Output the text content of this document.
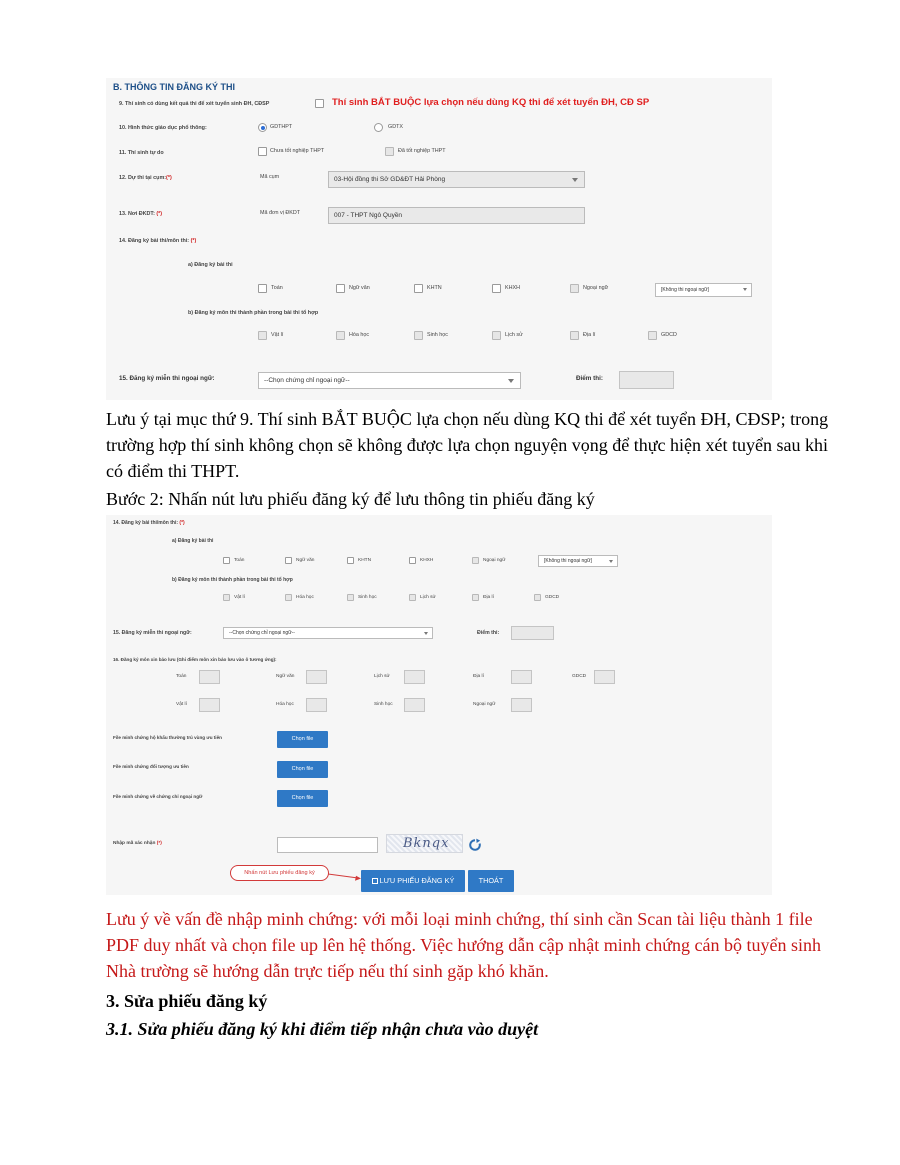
B. THÔNG TIN ĐĂNG KÝ THI
9. Thí sinh có dùng kết quả thi để xét tuyển sinh ĐH, CĐSP	Thí sinh BẮT BUỘC lựa chọn nếu dùng KQ thi để xét tuyển ĐH, CĐ SP
10. Hình thức giáo dục phổ thông:	GDTHPT	GDTX
11. Thí sinh tự do	Chưa tốt nghiệp THPT	Đã tốt nghiệp THPT
12. Dự thi tại cụm:(*)	Mã cụm	03-Hội đồng thi Sở GD&ĐT Hải Phòng
13. Nơi ĐKDT: (*)	Mã đơn vị ĐKDT	007 - THPT Ngô Quyền
14. Đăng ký bài thi/môn thi: (*)
a) Đăng ký bài thi
Toán	Ngữ văn	KHTN	KHXH	Ngoại ngữ	[Không thi ngoại ngữ]
b) Đăng ký môn thi thành phần trong bài thi tổ hợp
Vật lí	Hóa học	Sinh học	Lịch sử	Địa lí	GDCD
15. Đăng ký miễn thi ngoại ngữ:	--Chọn chứng chỉ ngoại ngữ--	Điểm thi:
Lưu ý tại mục thứ 9. Thí sinh BẮT BUỘC lựa chọn nếu dùng KQ thi để xét tuyển ĐH, CĐSP; trong trường hợp thí sinh không chọn sẽ không được lựa chọn nguyện vọng để thực hiện xét tuyển sau khi có điểm thi THPT.
Bước 2: Nhấn nút lưu phiếu đăng ký để lưu thông tin phiếu đăng ký
14. Đăng ký bài thi/môn thi: (*)
a) Đăng ký bài thi
Toán	Ngữ văn	KHTN	KHXH	Ngoại ngữ	[Không thi ngoại ngữ]
b) Đăng ký môn thi thành phần trong bài thi tổ hợp
Vật lí	Hóa học	Sinh học	Lịch sử	Địa lí	GDCD
15. Đăng ký miễn thi ngoại ngữ:	--Chọn chứng chỉ ngoại ngữ--	Điểm thi:
16. Đăng ký môn xin bảo lưu (Ghi điểm môn xin bảo lưu vào ô tương ứng):
Toán	Ngữ văn	Lịch sử	Địa lí	GDCD
Vật lí	Hóa học	Sinh học	Ngoại ngữ
File minh chứng hộ khẩu thường trú vùng ưu tiên	Chọn file
File minh chứng đối tượng ưu tiên	Chọn file
File minh chứng về chứng chỉ ngoại ngữ	Chọn file
Nhập mã xác nhận (*)	Bknqx
Nhấn nút Lưu phiếu đăng ký
LƯU PHIẾU ĐĂNG KÝ	THOÁT
Lưu ý về vấn đề nhập minh chứng: với mỗi loại minh chứng, thí sinh cần Scan tài liệu thành 1 file PDF duy nhất và chọn file up lên hệ thống. Việc hướng dẫn cập nhật minh chứng cán bộ tuyển sinh Nhà trường sẽ hướng dẫn trực tiếp nếu thí sinh gặp khó khăn.
3. Sửa phiếu đăng ký
3.1. Sửa phiếu đăng ký khi điểm tiếp nhận chưa vào duyệt
